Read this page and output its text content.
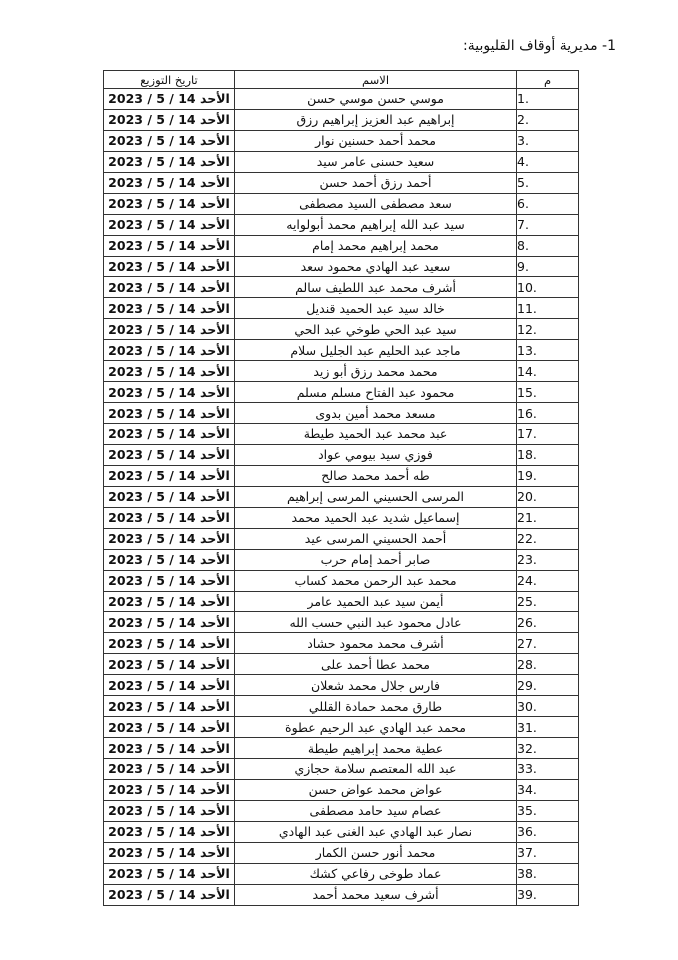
1- مديرية أوقاف القليوبية:
م	الاسم	تاريخ التوزيع
1.	موسي حسن موسي حسن	الأحد 14 / 5 / 2023
2.	إبراهيم عبد العزيز إبراهيم رزق	الأحد 14 / 5 / 2023
3.	محمد أحمد حسنين نوار	الأحد 14 / 5 / 2023
4.	سعيد حسنى عامر سيد	الأحد 14 / 5 / 2023
5.	أحمد رزق أحمد حسن	الأحد 14 / 5 / 2023
6.	سعد مصطفى السيد مصطفى	الأحد 14 / 5 / 2023
7.	سيد عبد الله إبراهيم محمد أبولوايه	الأحد 14 / 5 / 2023
8.	محمد إبراهيم محمد إمام	الأحد 14 / 5 / 2023
9.	سعيد عبد الهادي محمود سعد	الأحد 14 / 5 / 2023
10.	أشرف محمد عبد اللطيف سالم	الأحد 14 / 5 / 2023
11.	خالد سيد عبد الحميد قنديل	الأحد 14 / 5 / 2023
12.	سيد عبد الحي طوخي عبد الحي	الأحد 14 / 5 / 2023
13.	ماجد عبد الحليم عبد الجليل سلام	الأحد 14 / 5 / 2023
14.	محمد محمد رزق أبو زيد	الأحد 14 / 5 / 2023
15.	محمود عبد الفتاح مسلم مسلم	الأحد 14 / 5 / 2023
16.	مسعد محمد أمين بدوى	الأحد 14 / 5 / 2023
17.	عبد محمد عبد الحميد طيطة	الأحد 14 / 5 / 2023
18.	فوزي سيد بيومي عواد	الأحد 14 / 5 / 2023
19.	طه أحمد محمد صالح	الأحد 14 / 5 / 2023
20.	المرسى الحسيني المرسى إبراهيم	الأحد 14 / 5 / 2023
21.	إسماعيل شديد عبد الحميد محمد	الأحد 14 / 5 / 2023
22.	أحمد الحسيني المرسى عيد	الأحد 14 / 5 / 2023
23.	صابر أحمد إمام حرب	الأحد 14 / 5 / 2023
24.	محمد عبد الرحمن محمد كساب	الأحد 14 / 5 / 2023
25.	أيمن سيد عبد الحميد عامر	الأحد 14 / 5 / 2023
26.	عادل محمود عبد النبي حسب الله	الأحد 14 / 5 / 2023
27.	أشرف محمد محمود حشاد	الأحد 14 / 5 / 2023
28.	محمد عطا أحمد على	الأحد 14 / 5 / 2023
29.	فارس جلال محمد شعلان	الأحد 14 / 5 / 2023
30.	طارق محمد حمادة القللي	الأحد 14 / 5 / 2023
31.	محمد عبد الهادي عبد الرحيم عطوة	الأحد 14 / 5 / 2023
32.	عطية محمد إبراهيم طيطة	الأحد 14 / 5 / 2023
33.	عبد الله المعتصم سلامة حجازي	الأحد 14 / 5 / 2023
34.	عواض محمد عواض حسن	الأحد 14 / 5 / 2023
35.	عصام سيد حامد مصطفى	الأحد 14 / 5 / 2023
36.	نصار عبد الهادي عبد الغنى عبد الهادي	الأحد 14 / 5 / 2023
37.	محمد أنور حسن الكمار	الأحد 14 / 5 / 2023
38.	عماد طوخى رفاعي كشك	الأحد 14 / 5 / 2023
39.	أشرف سعيد محمد أحمد	الأحد 14 / 5 / 2023
